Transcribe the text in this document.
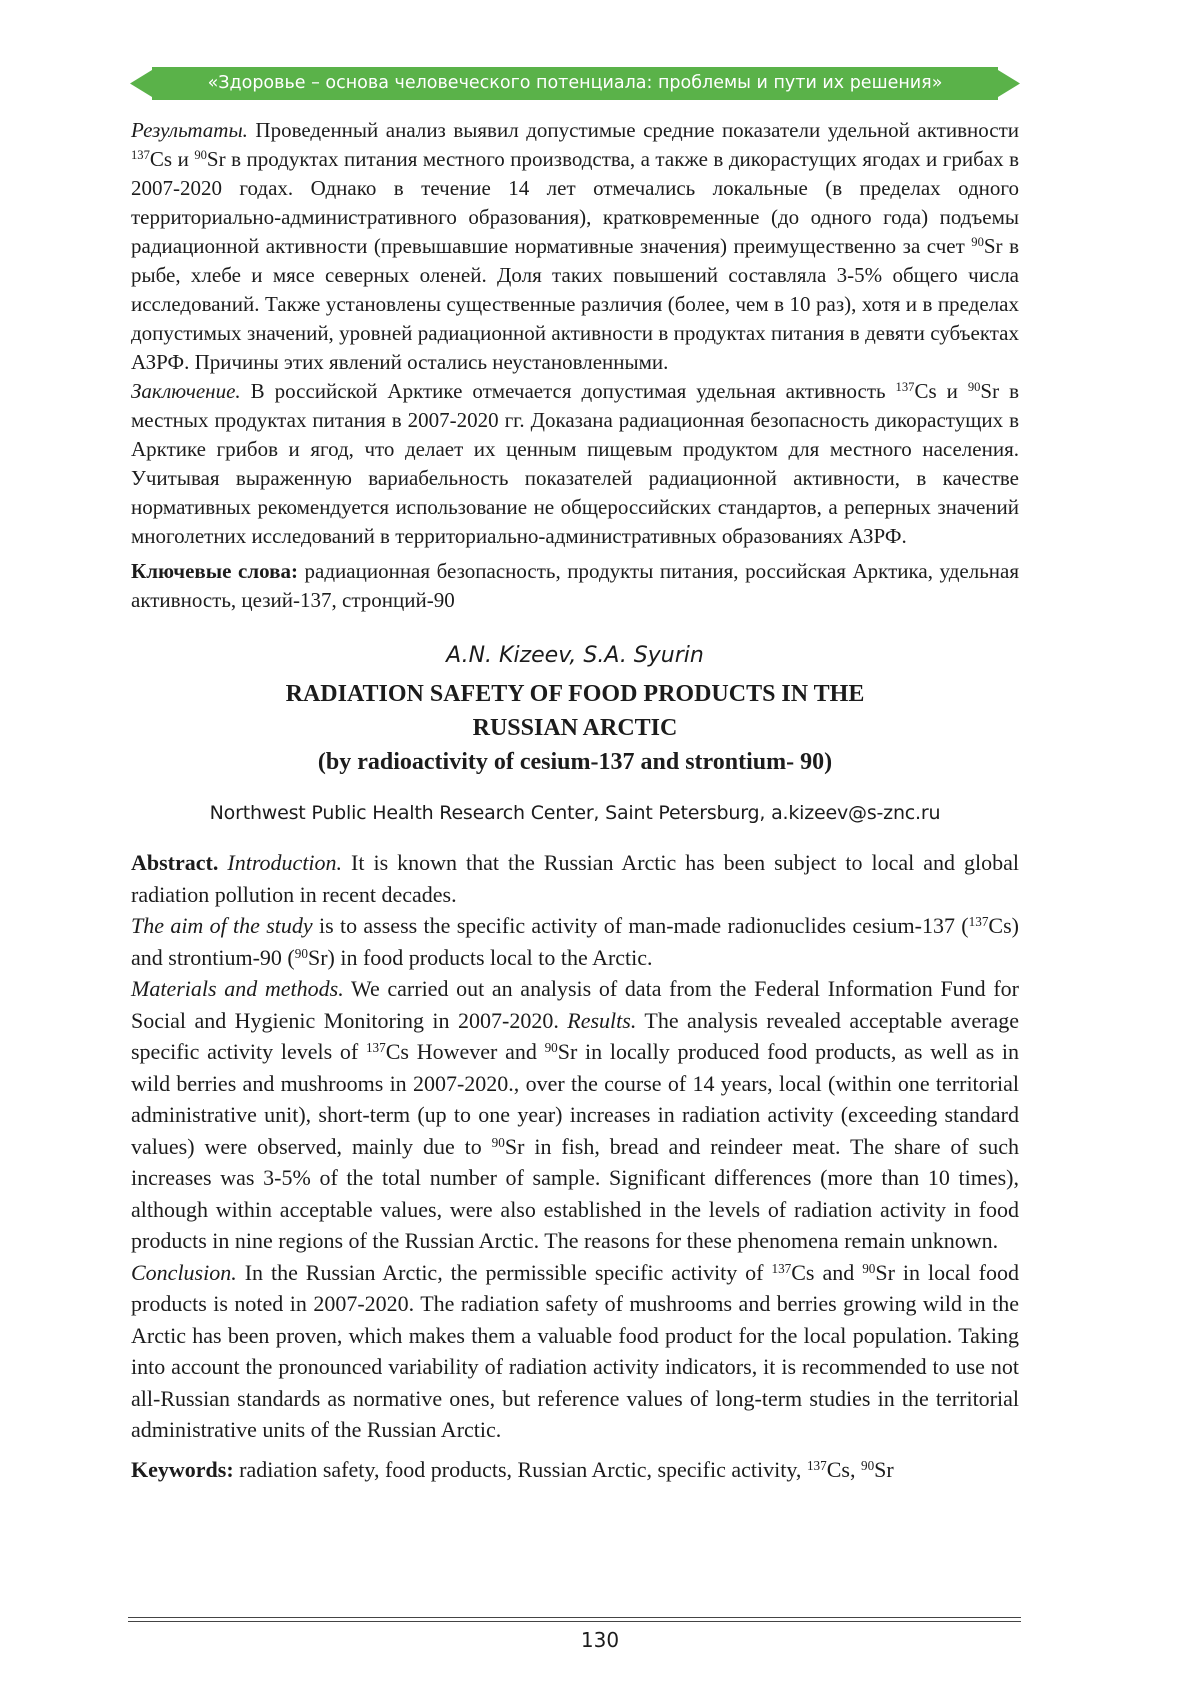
«Здоровье – основа человеческого потенциала: проблемы и пути их решения»

Результаты. Проведенный анализ выявил допустимые средние показатели удельной активности $^{137}$Cs и $^{90}$Sr в продуктах питания местного производства, а также в дикорастущих ягодах и грибах в 2007-2020 годах. Однако в течение 14 лет отмечались локальные (в пределах одного территориально-административного образования), кратковременные (до одного года) подъемы радиационной активности (превышавшие нормативные значения) преимущественно за счет $^{90}$Sr в рыбе, хлебе и мясе северных оленей. Доля таких повышений составляла 3-5% общего числа исследований. Также установлены существенные различия (более, чем в 10 раз), хотя и в пределах допустимых значений, уровней радиационной активности в продуктах питания в девяти субъектах АЗРФ. Причины этих явлений остались неустановленными.

Заключение. В российской Арктике отмечается допустимая удельная активность $^{137}$Cs и $^{90}$Sr в местных продуктах питания в 2007-2020 гг. Доказана радиационная безопасность дикорастущих в Арктике грибов и ягод, что делает их ценным пищевым продуктом для местного населения. Учитывая выраженную вариабельность показателей радиационной активности, в качестве нормативных рекомендуется использование не общероссийских стандартов, а реперных значений многолетних исследований в территориально-административных образованиях АЗРФ.

Ключевые слова: радиационная безопасность, продукты питания, российская Арктика, удельная активность, цезий-137, стронций-90

A.N. Kizeev, S.A. Syurin
RADIATION SAFETY OF FOOD PRODUCTS IN THE
RUSSIAN ARCTIC
(by radioactivity of cesium-137 and strontium- 90)
Northwest Public Health Research Center, Saint Petersburg, a.kizeev@s-znc.ru

Abstract. Introduction. It is known that the Russian Arctic has been subject to local and global radiation pollution in recent decades.

The aim of the study is to assess the specific activity of man-made radionuclides cesium-137 ($^{137}$Cs) and strontium-90 ($^{90}$Sr) in food products local to the Arctic.

Materials and methods. We carried out an analysis of data from the Federal Information Fund for Social and Hygienic Monitoring in 2007-2020. Results. The analysis revealed acceptable average specific activity levels of $^{137}$Cs However and $^{90}$Sr in locally produced food products, as well as in wild berries and mushrooms in 2007-2020., over the course of 14 years, local (within one territorial administrative unit), short-term (up to one year) increases in radiation activity (exceeding standard values) were observed, mainly due to $^{90}$Sr in fish, bread and reindeer meat. The share of such increases was 3-5% of the total number of sample. Significant differences (more than 10 times), although within acceptable values, were also established in the levels of radiation activity in food products in nine regions of the Russian Arctic. The reasons for these phenomena remain unknown.

Conclusion. In the Russian Arctic, the permissible specific activity of $^{137}$Cs and $^{90}$Sr in local food products is noted in 2007-2020. The radiation safety of mushrooms and berries growing wild in the Arctic has been proven, which makes them a valuable food product for the local population. Taking into account the pronounced variability of radiation activity indicators, it is recommended to use not all-Russian standards as normative ones, but reference values of long-term studies in the territorial administrative units of the Russian Arctic.

Keywords: radiation safety, food products, Russian Arctic, specific activity, $^{137}$Cs, $^{90}$Sr

130
